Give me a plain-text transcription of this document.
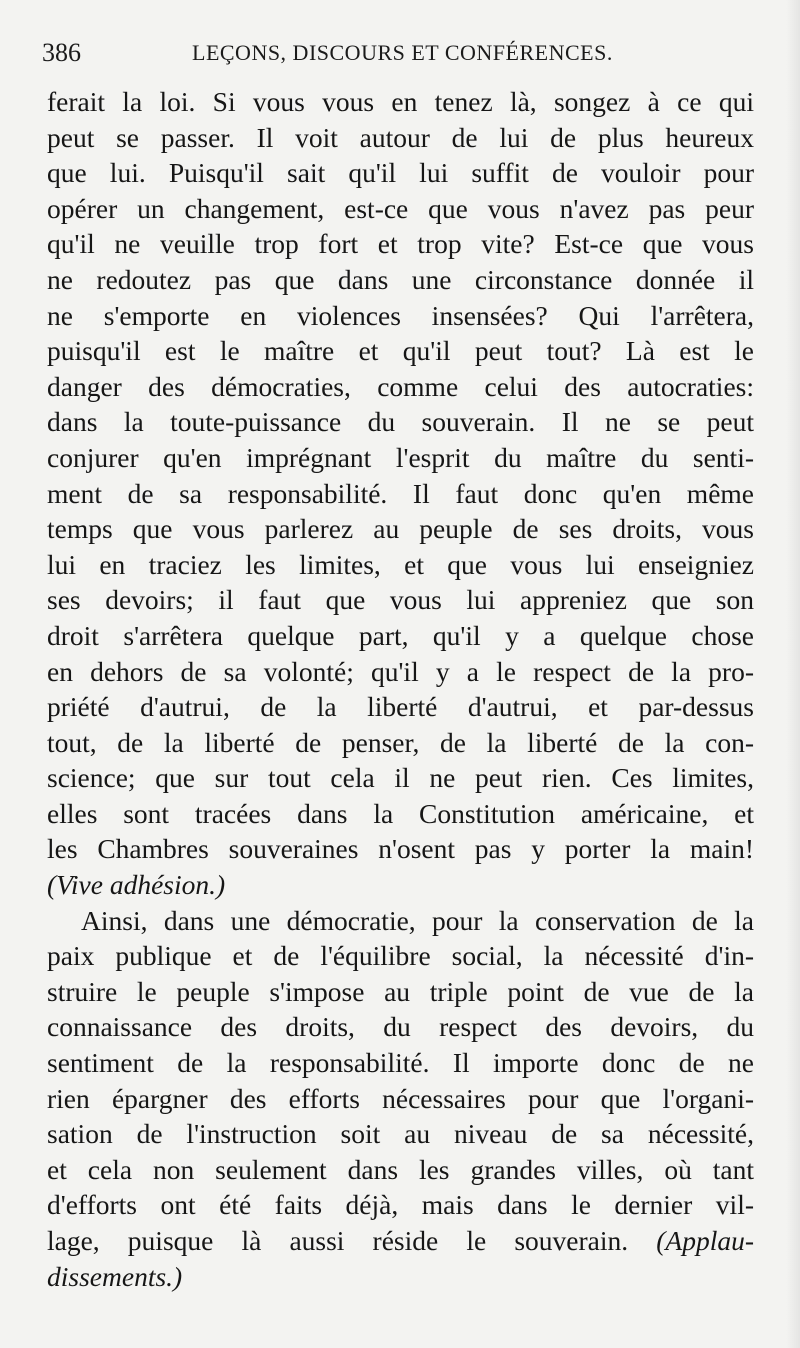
386	LEÇONS, DISCOURS ET CONFÉRENCES.
ferait la loi. Si vous vous en tenez là, songez à ce qui
peut se passer. Il voit autour de lui de plus heureux
que lui. Puisqu'il sait qu'il lui suffit de vouloir pour
opérer un changement, est-ce que vous n'avez pas peur
qu'il ne veuille trop fort et trop vite? Est-ce que vous
ne redoutez pas que dans une circonstance donnée il
ne s'emporte en violences insensées? Qui l'arrêtera,
puisqu'il est le maître et qu'il peut tout? Là est le
danger des démocraties, comme celui des autocraties:
dans la toute-puissance du souverain. Il ne se peut
conjurer qu'en imprégnant l'esprit du maître du senti-
ment de sa responsabilité. Il faut donc qu'en même
temps que vous parlerez au peuple de ses droits, vous
lui en traciez les limites, et que vous lui enseigniez
ses devoirs; il faut que vous lui appreniez que son
droit s'arrêtera quelque part, qu'il y a quelque chose
en dehors de sa volonté; qu'il y a le respect de la pro-
priété d'autrui, de la liberté d'autrui, et par-dessus
tout, de la liberté de penser, de la liberté de la con-
science; que sur tout cela il ne peut rien. Ces limites,
elles sont tracées dans la Constitution américaine, et
les Chambres souveraines n'osent pas y porter la main!
(Vive adhésion.)
Ainsi, dans une démocratie, pour la conservation de la
paix publique et de l'équilibre social, la nécessité d'in-
struire le peuple s'impose au triple point de vue de la
connaissance des droits, du respect des devoirs, du
sentiment de la responsabilité. Il importe donc de ne
rien épargner des efforts nécessaires pour que l'organi-
sation de l'instruction soit au niveau de sa nécessité,
et cela non seulement dans les grandes villes, où tant
d'efforts ont été faits déjà, mais dans le dernier vil-
lage, puisque là aussi réside le souverain. (Applau-
dissements.)
